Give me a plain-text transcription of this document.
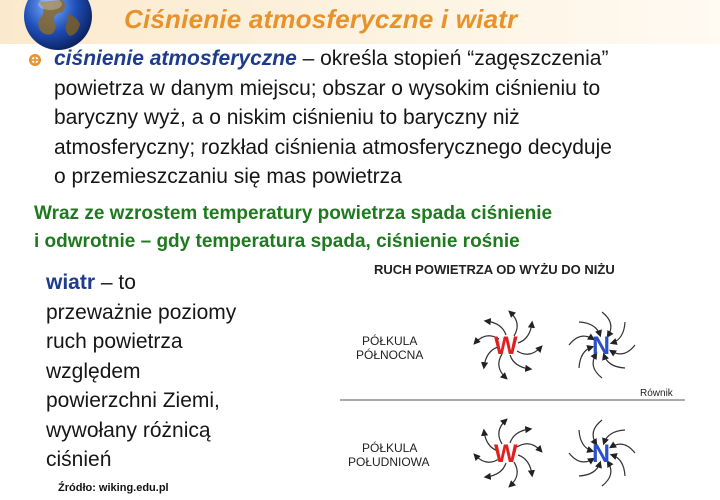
Ciśnienie atmosferyczne i wiatr
ciśnienie atmosferyczne – określa stopień “zagęszczenia”
powietrza w danym miejscu; obszar o wysokim ciśnieniu to
baryczny wyż, a o niskim ciśnieniu to baryczny niż
atmosferyczny; rozkład ciśnienia atmosferycznego decyduje
o przemieszczaniu się mas powietrza
Wraz ze wzrostem temperatury powietrza spada ciśnienie
i odwrotnie – gdy temperatura spada, ciśnienie rośnie
wiatr – to
przeważnie poziomy
ruch powietrza
względem
powierzchni Ziemi,
wywołany różnicą
ciśnień
Źródło: wiking.edu.pl
RUCH POWIETRZA OD WYŻU DO NIŻU
PÓŁKULA
PÓŁNOCNA	W	N
Równik
PÓŁKULA
POŁUDNIOWA	W	N
